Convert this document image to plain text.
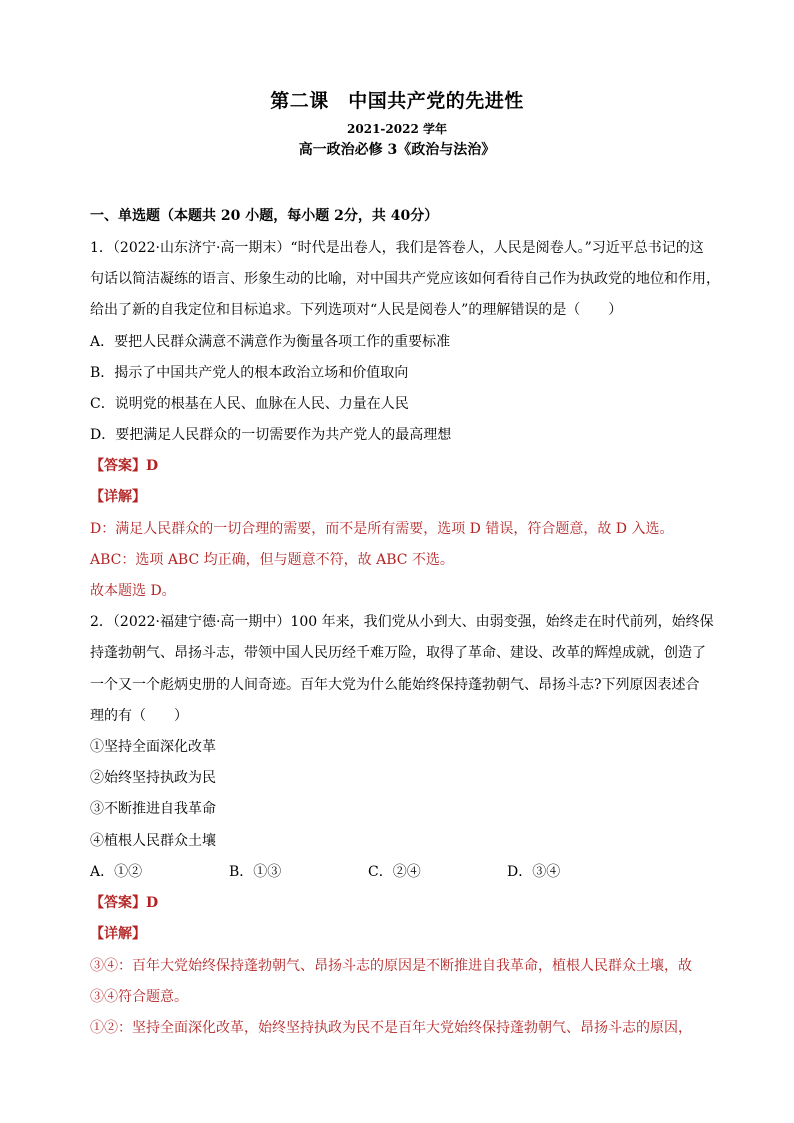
第二课　中国共产党的先进性
2021-2022 学年
高一政治必修 3《政治与法治》
一、单选题（本题共 20 小题，每小题 2分，共 40分）
1．（2022·山东济宁·高一期末）“时代是出卷人，我们是答卷人，人民是阅卷人。”习近平总书记的这
句话以简洁凝练的语言、形象生动的比喻，对中国共产党应该如何看待自己作为执政党的地位和作用，
给出了新的自我定位和目标追求。下列选项对“人民是阅卷人”的理解错误的是（　　）
A．要把人民群众满意不满意作为衡量各项工作的重要标准
B．揭示了中国共产党人的根本政治立场和价值取向
C．说明党的根基在人民、血脉在人民、力量在人民
D．要把满足人民群众的一切需要作为共产党人的最高理想
【答案】D
【详解】
D：满足人民群众的一切合理的需要，而不是所有需要，选项 D 错误，符合题意，故 D 入选。
ABC：选项 ABC 均正确，但与题意不符，故 ABC 不选。
故本题选 D。
2．（2022·福建宁德·高一期中）100 年来，我们党从小到大、由弱变强，始终走在时代前列，始终保
持蓬勃朝气、昂扬斗志，带领中国人民历经千难万险，取得了革命、建设、改革的辉煌成就，创造了
一个又一个彪炳史册的人间奇迹。百年大党为什么能始终保持蓬勃朝气、昂扬斗志?下列原因表述合
理的有（　　）
①坚持全面深化改革
②始终坚持执政为民
③不断推进自我革命
④植根人民群众土壤
A．①②	B．①③	C．②④	D．③④
【答案】D
【详解】
③④：百年大党始终保持蓬勃朝气、昂扬斗志的原因是不断推进自我革命，植根人民群众土壤，故
③④符合题意。
①②：坚持全面深化改革，始终坚持执政为民不是百年大党始终保持蓬勃朝气、昂扬斗志的原因，
